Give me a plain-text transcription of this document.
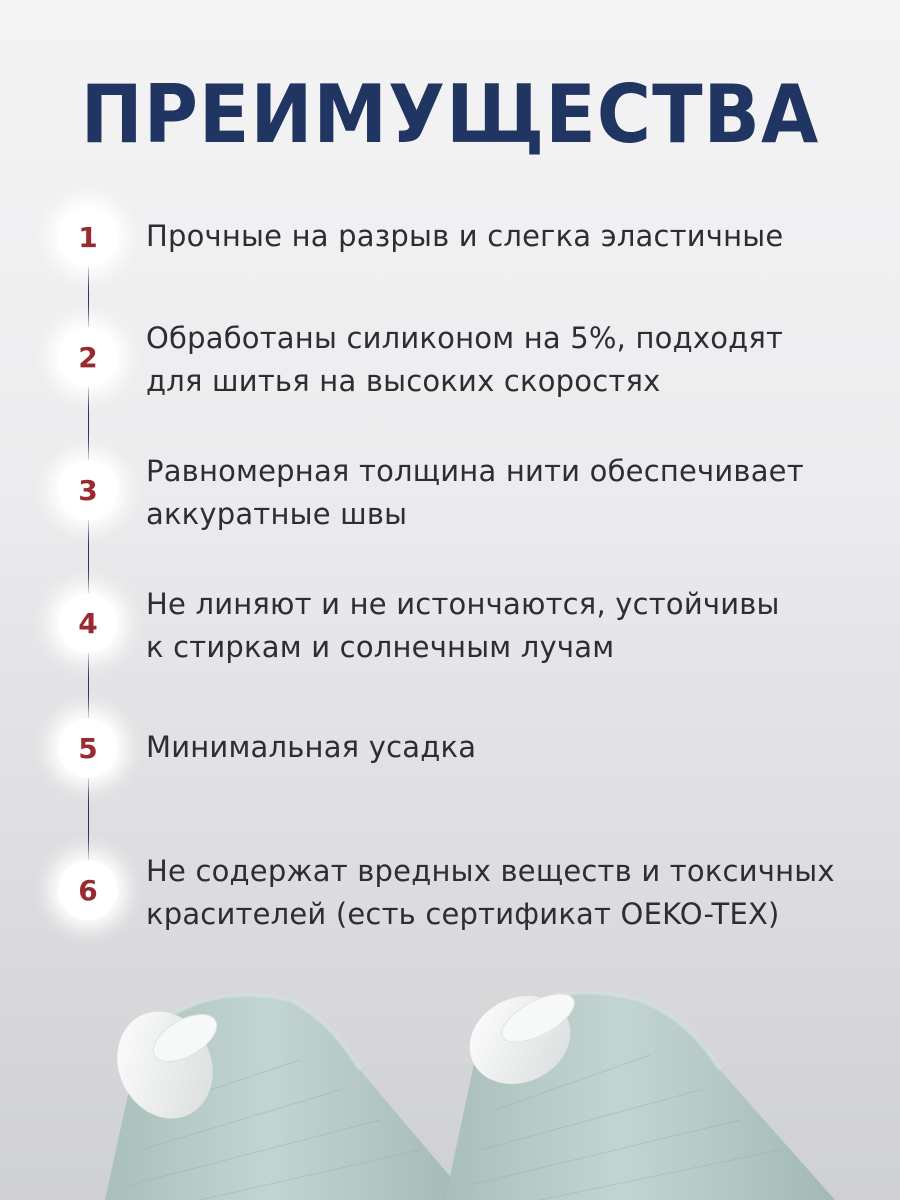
ПРЕИМУЩЕСТВА
1	Прочные на разрыв и слегка эластичные
2
Обработаны силиконом на 5%, подходят
для шитья на высоких скоростях
3
Равномерная толщина нити обеспечивает
аккуратные швы
4
Не линяют и не истончаются, устойчивы
к стиркам и солнечным лучам
5	Минимальная усадка
6
Не содержат вредных веществ и токсичных
красителей (есть сертификат OEKO-TEX)
